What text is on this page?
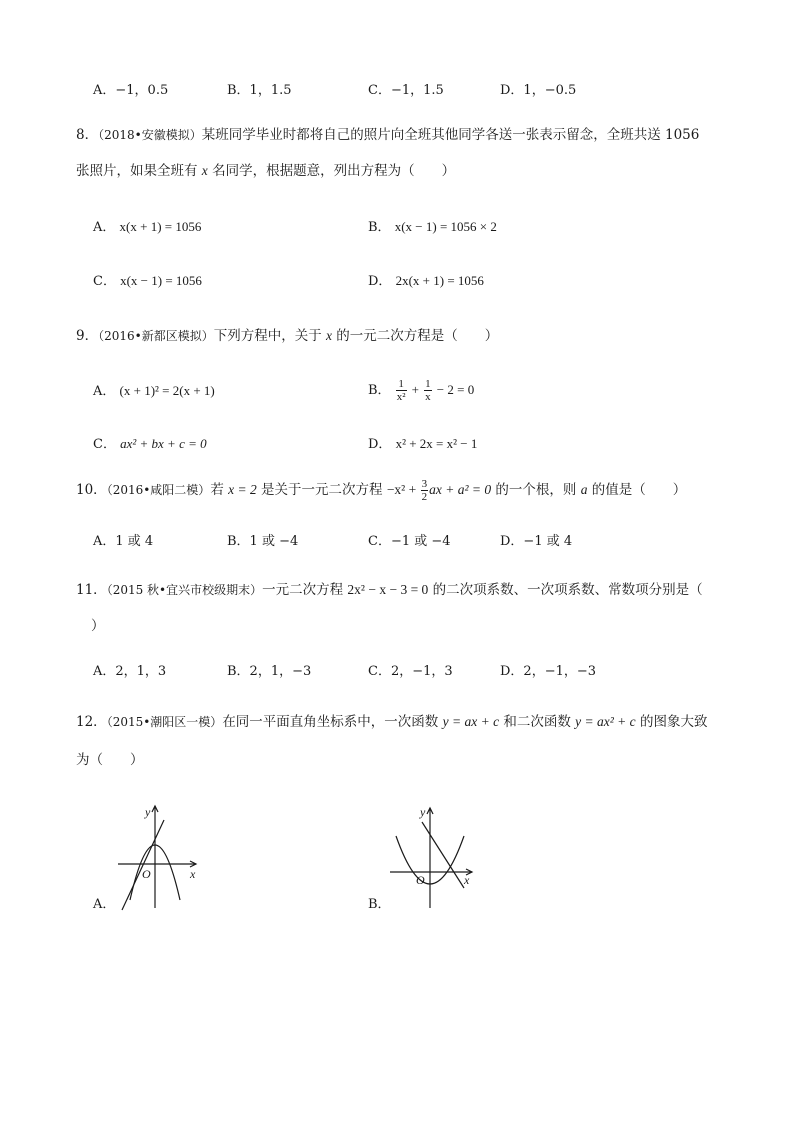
A．−1，0.5	B．1，1.5	C．−1，1.5	D．1，−0.5
8．（2018•安徽模拟）某班同学毕业时都将自己的照片向全班其他同学各送一张表示留念，全班共送 1056
张照片，如果全班有 x 名同学，根据题意，列出方程为（　　）
A． x(x + 1) = 1056	B． x(x − 1) = 1056 × 2
C． x(x − 1) = 1056	D． 2x(x + 1) = 1056
9．（2016•新都区模拟）下列方程中，关于 x 的一元二次方程是（　　）
A． (x + 1)² = 2(x + 1)	B． $\frac{1}{\text{x²}} + \frac{1}{x} - 2 = 0$
C． ax² + bx + c = 0	D． x² + 2x = x² − 1
10．（2016•咸阳二模）若 x = 2 是关于一元二次方程 $-x^2 + \frac{3}{2}$ ax + a² = 0 的一个根，则 a 的值是（　　）
A．1 或 4	B．1 或 −4	C．−1 或 −4	D．−1 或 4
11．（2015 秋•宜兴市校级期末）一元二次方程 2x² − x − 3 = 0 的二次项系数、一次项系数、常数项分别是（
）
A．2，1，3	B．2，1，−3	C．2，−1，3	D．2，−1，−3
12．（2015•潮阳区一模）在同一平面直角坐标系中，一次函数 y = ax + c 和二次函数 y = ax² + c 的图象大致
为（　　）
A．
y
x
O
B．
y
x
O
